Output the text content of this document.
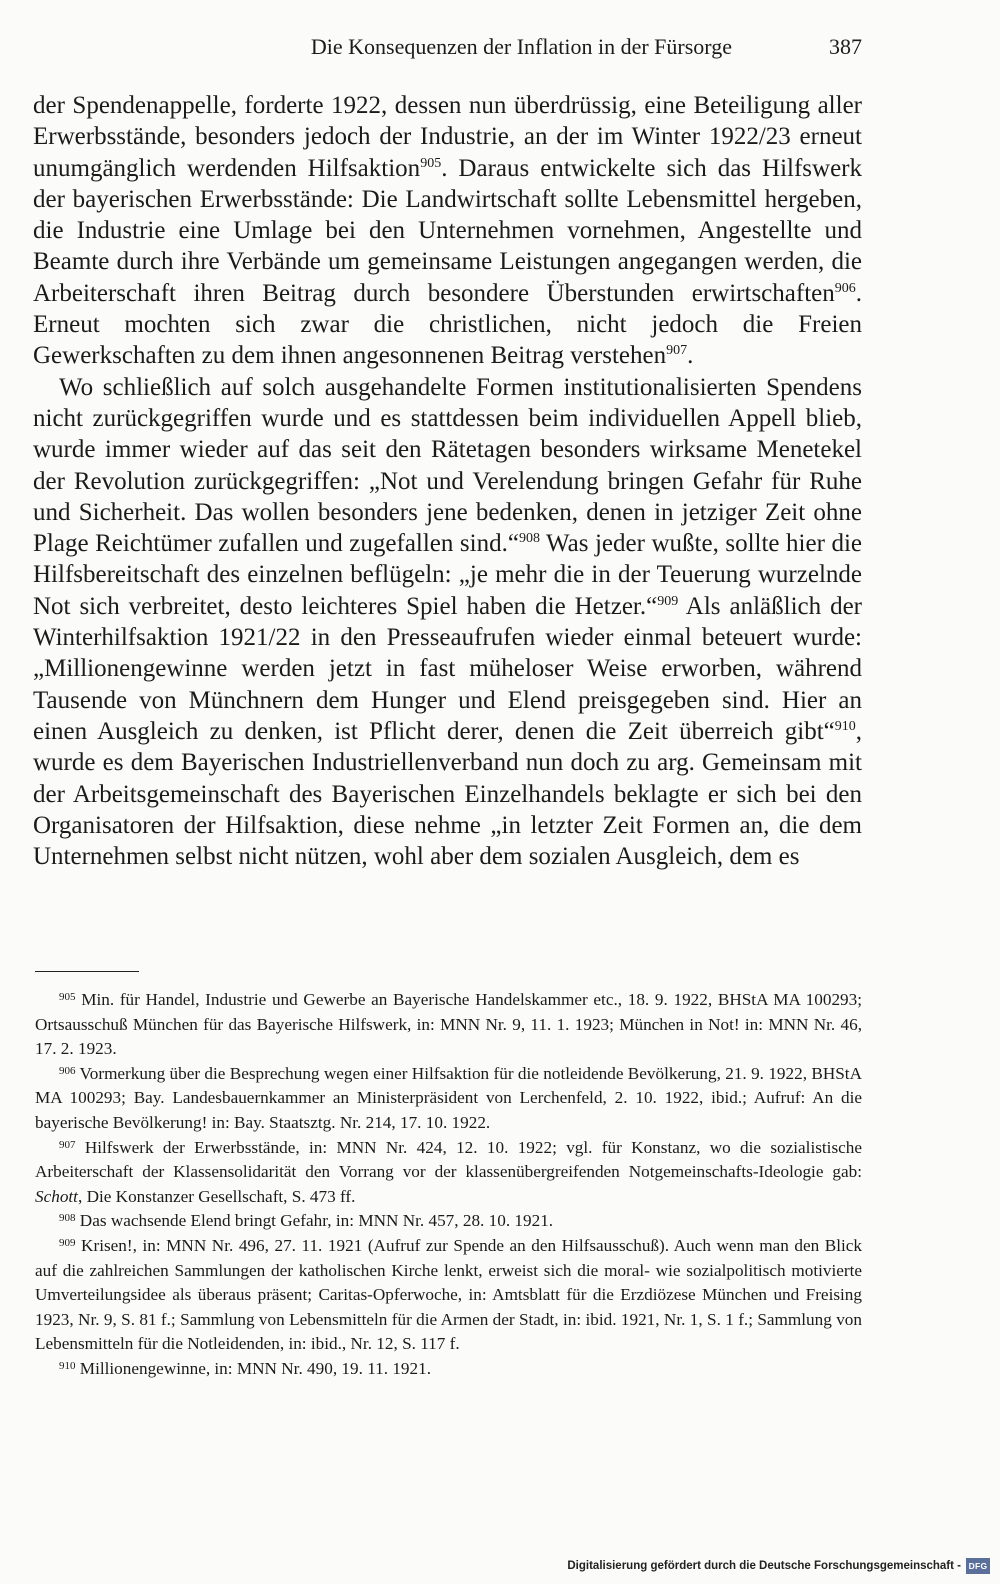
Die Konsequenzen der Inflation in der Fürsorge	387

der Spendenappelle, forderte 1922, dessen nun überdrüssig, eine Beteiligung aller Erwerbsstände, besonders jedoch der Industrie, an der im Winter 1922/23 erneut unumgänglich werdenden Hilfsaktion$^{905}$. Daraus entwickelte sich das Hilfswerk der bayerischen Erwerbsstände: Die Landwirtschaft sollte Lebensmittel hergeben, die Industrie eine Umlage bei den Unternehmen vornehmen, Angestellte und Beamte durch ihre Verbände um gemeinsame Leistungen angegangen werden, die Arbeiterschaft ihren Beitrag durch besondere Überstunden erwirtschaften$^{906}$. Erneut mochten sich zwar die christlichen, nicht jedoch die Freien Gewerkschaften zu dem ihnen angesonnenen Beitrag verstehen$^{907}$.

Wo schließlich auf solch ausgehandelte Formen institutionalisierten Spendens nicht zurückgegriffen wurde und es stattdessen beim individuellen Appell blieb, wurde immer wieder auf das seit den Rätetagen besonders wirksame Menetekel der Revolution zurückgegriffen: „Not und Verelendung bringen Gefahr für Ruhe und Sicherheit. Das wollen besonders jene bedenken, denen in jetziger Zeit ohne Plage Reichtümer zufallen und zugefallen sind.“$^{908}$ Was jeder wußte, sollte hier die Hilfsbereitschaft des einzelnen beflügeln: „je mehr die in der Teuerung wurzelnde Not sich verbreitet, desto leichteres Spiel haben die Hetzer.“$^{909}$ Als anläßlich der Winterhilfsaktion 1921/22 in den Presseaufrufen wieder einmal beteuert wurde: „Millionengewinne werden jetzt in fast müheloser Weise erworben, während Tausende von Münchnern dem Hunger und Elend preisgegeben sind. Hier an einen Ausgleich zu denken, ist Pflicht derer, denen die Zeit überreich gibt“$^{910}$, wurde es dem Bayerischen Industriellenverband nun doch zu arg. Gemeinsam mit der Arbeitsgemeinschaft des Bayerischen Einzelhandels beklagte er sich bei den Organisatoren der Hilfsaktion, diese nehme „in letzter Zeit Formen an, die dem Unternehmen selbst nicht nützen, wohl aber dem sozialen Ausgleich, dem es

$^{905}$ Min. für Handel, Industrie und Gewerbe an Bayerische Handelskammer etc., 18. 9. 1922, BHStA MA 100293; Ortsausschuß München für das Bayerische Hilfswerk, in: MNN Nr. 9, 11. 1. 1923; München in Not! in: MNN Nr. 46, 17. 2. 1923.

$^{906}$ Vormerkung über die Besprechung wegen einer Hilfsaktion für die notleidende Bevölkerung, 21. 9. 1922, BHStA MA 100293; Bay. Landesbauernkammer an Ministerpräsident von Lerchenfeld, 2. 10. 1922, ibid.; Aufruf: An die bayerische Bevölkerung! in: Bay. Staatsztg. Nr. 214, 17. 10. 1922.

$^{907}$ Hilfswerk der Erwerbsstände, in: MNN Nr. 424, 12. 10. 1922; vgl. für Konstanz, wo die sozialistische Arbeiterschaft der Klassensolidarität den Vorrang vor der klassenübergreifenden Notgemeinschafts-Ideologie gab: Schott, Die Konstanzer Gesellschaft, S. 473 ff.

$^{908}$ Das wachsende Elend bringt Gefahr, in: MNN Nr. 457, 28. 10. 1921.

$^{909}$ Krisen!, in: MNN Nr. 496, 27. 11. 1921 (Aufruf zur Spende an den Hilfsausschuß). Auch wenn man den Blick auf die zahlreichen Sammlungen der katholischen Kirche lenkt, erweist sich die moral- wie sozialpolitisch motivierte Umverteilungsidee als überaus präsent; Caritas-Opferwoche, in: Amtsblatt für die Erzdiözese München und Freising 1923, Nr. 9, S. 81 f.; Sammlung von Lebensmitteln für die Armen der Stadt, in: ibid. 1921, Nr. 1, S. 1 f.; Sammlung von Lebensmitteln für die Notleidenden, in: ibid., Nr. 12, S. 117 f.

$^{910}$ Millionengewinne, in: MNN Nr. 490, 19. 11. 1921.

Digitalisierung gefördert durch die Deutsche Forschungsgemeinschaft - DFG
